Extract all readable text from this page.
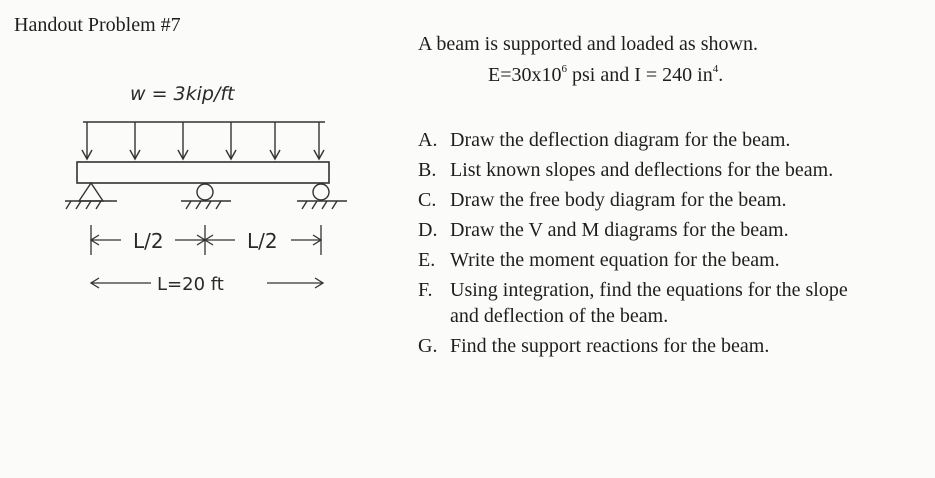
Handout Problem #7
A beam is supported and loaded as shown.
$E=30x10^6$ psi and I = 240 $in^4$.
A. Draw the deflection diagram for the beam.
B. List known slopes and deflections for the beam.
C. Draw the free body diagram for the beam.
D. Draw the V and M diagrams for the beam.
E. Write the moment equation for the beam.
F. Using integration, find the equations for the slope
and deflection of the beam.
G. Find the support reactions for the beam.
w = 3kip/ft
L/2	L/2
L=20 ft
